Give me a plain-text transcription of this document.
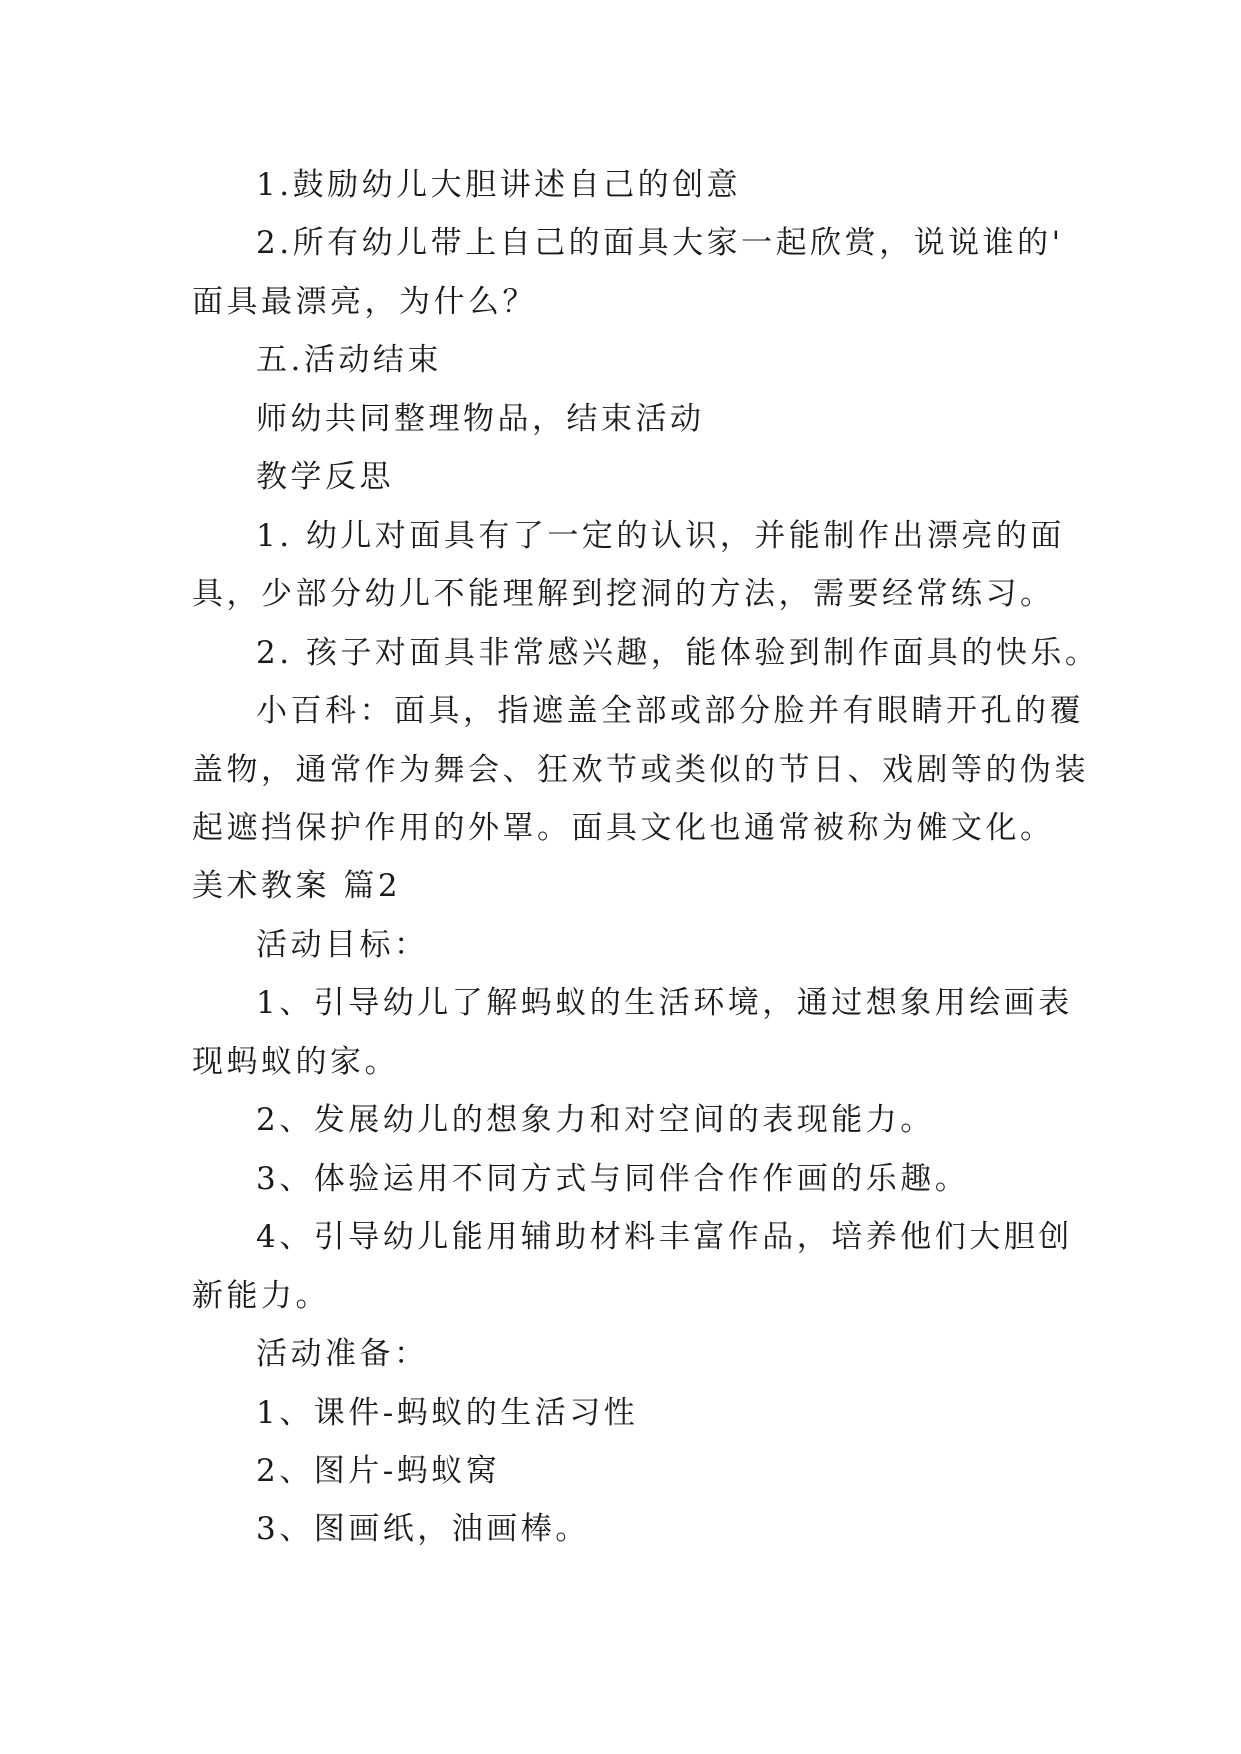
1.鼓励幼儿大胆讲述自己的创意
2.所有幼儿带上自己的面具大家一起欣赏，说说谁的'
面具最漂亮，为什么？
五.活动结束
师幼共同整理物品，结束活动
教学反思
1. 幼儿对面具有了一定的认识，并能制作出漂亮的面
具，少部分幼儿不能理解到挖洞的方法，需要经常练习。
2. 孩子对面具非常感兴趣，能体验到制作面具的快乐。
小百科：面具，指遮盖全部或部分脸并有眼睛开孔的覆
盖物，通常作为舞会、狂欢节或类似的节日、戏剧等的伪装
起遮挡保护作用的外罩。面具文化也通常被称为傩文化。
美术教案 篇2
活动目标：
1、引导幼儿了解蚂蚁的生活环境，通过想象用绘画表
现蚂蚁的家。
2、发展幼儿的想象力和对空间的表现能力。
3、体验运用不同方式与同伴合作作画的乐趣。
4、引导幼儿能用辅助材料丰富作品，培养他们大胆创
新能力。
活动准备：
1、课件-蚂蚁的生活习性
2、图片-蚂蚁窝
3、图画纸，油画棒。
